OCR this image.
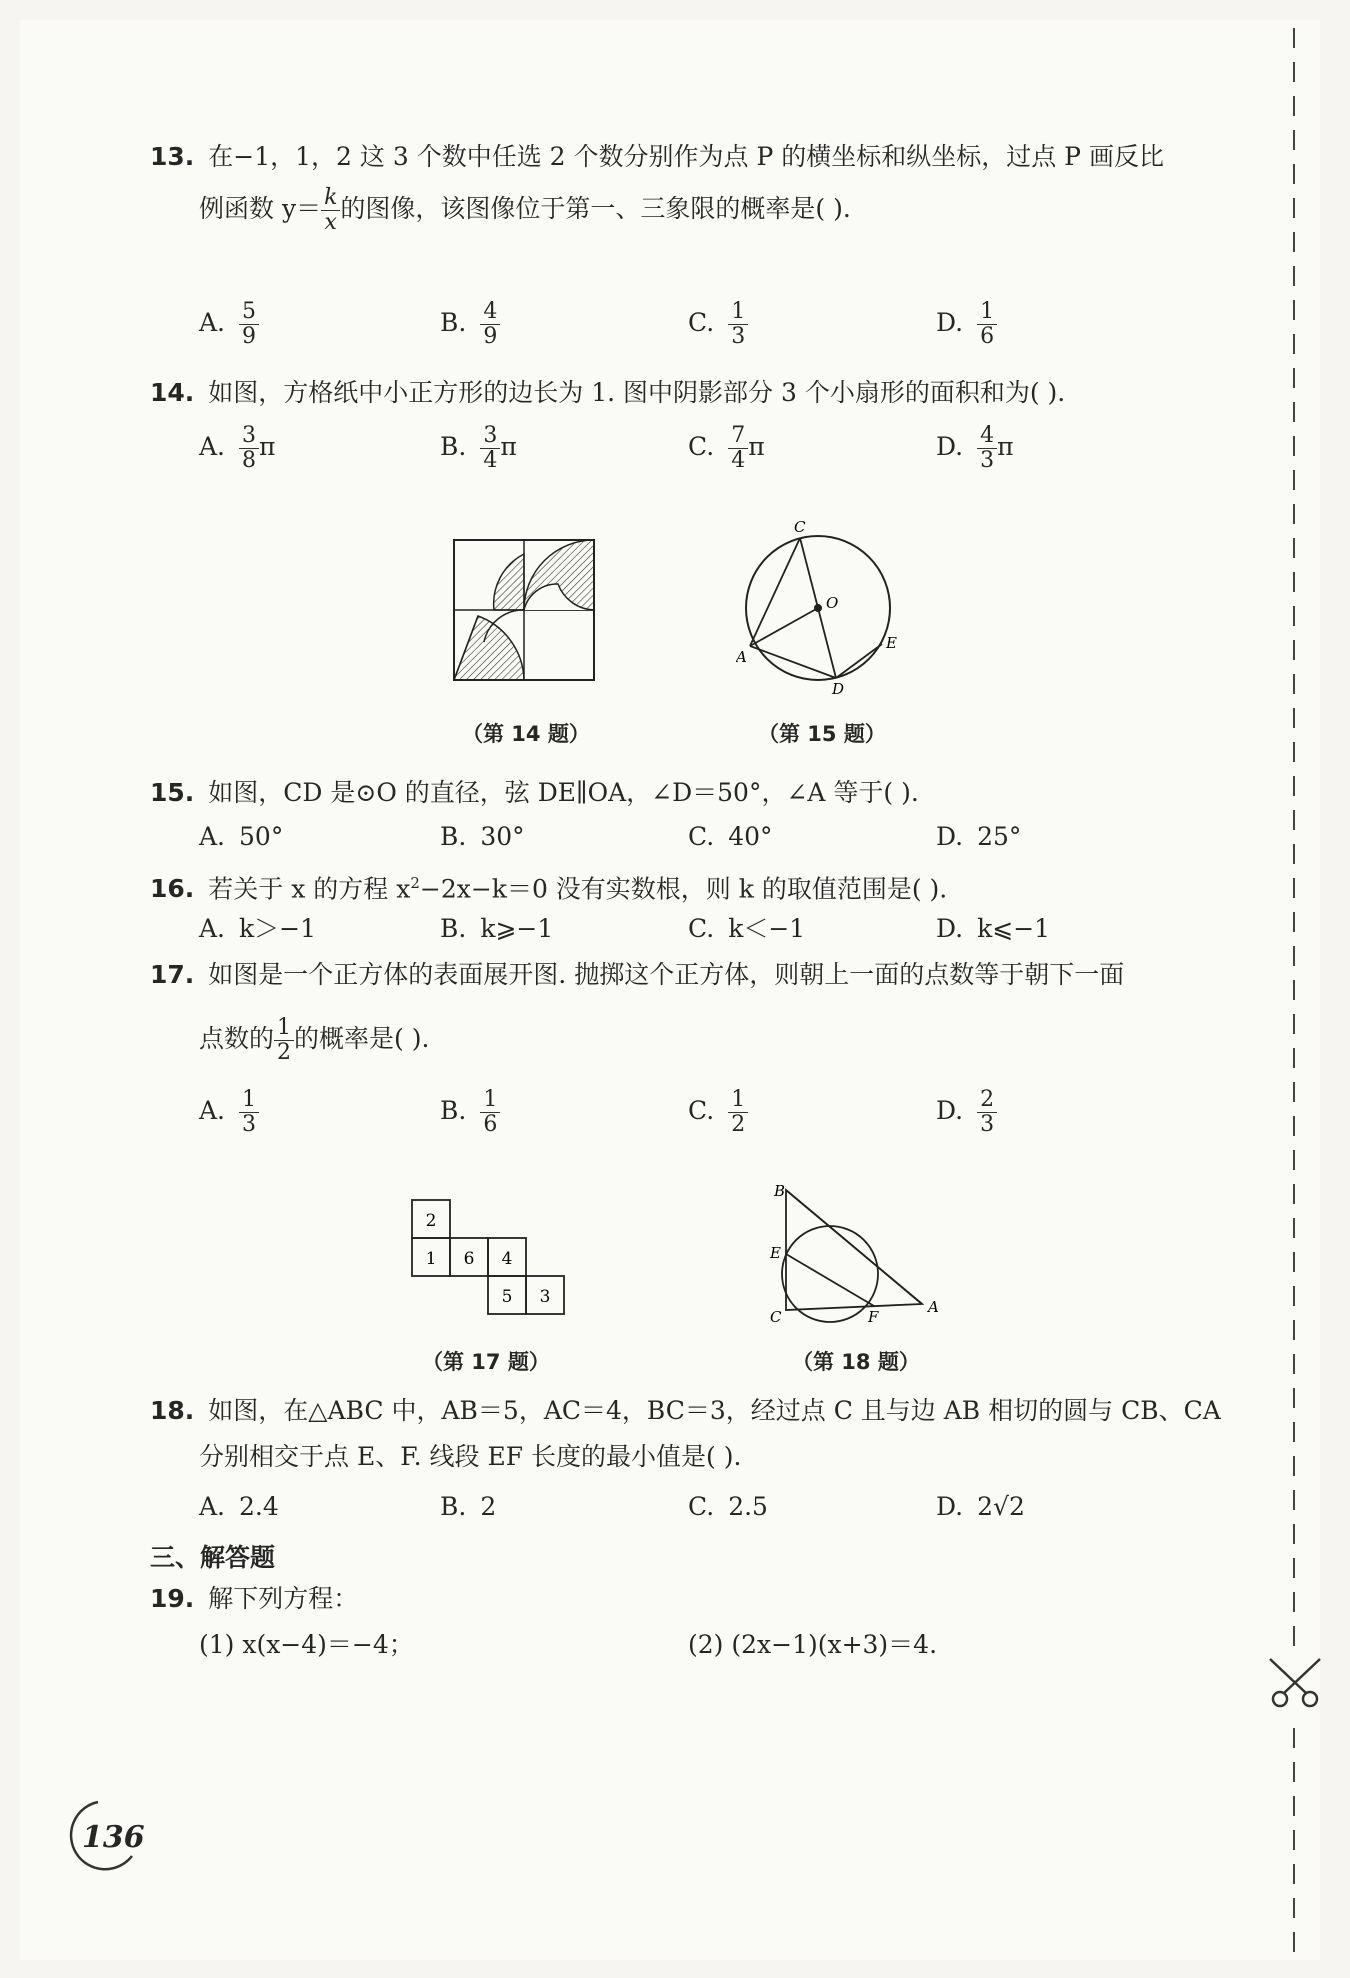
13. 在−1，1，2 这 3 个数中任选 2 个数分别作为点 P 的横坐标和纵坐标，过点 P 画反比
例函数 $y= \frac{k}{x}$ 的图像，该图像位于第一、三象限的概率是( ).
A. $\frac{5}{9}$	B. $\frac{4}{9}$	C. $\frac{1}{3}$	D. $\frac{1}{6}$
14. 如图，方格纸中小正方形的边长为 1. 图中阴影部分 3 个小扇形的面积和为( ).
A. $\frac{3}{8}$ π	B. $\frac{3}{4}$ π	C. $\frac{7}{4}$ π	D. $\frac{4}{3}$ π
（第 14 题）
C
O
A
D
E
（第 15 题）
15. 如图，CD 是⊙O 的直径，弦 DE∥OA，∠D＝50°，∠A 等于( ).
A. 50°	B. 30°	C. 40°	D. 25°
16. 若关于 x 的方程 $x^2-2x-k=0$ 没有实数根，则 k 的取值范围是( ).
A. k＞−1	B. k⩾−1	C. k＜−1	D. k⩽−1
17. 如图是一个正方体的表面展开图. 抛掷这个正方体，则朝上一面的点数等于朝下一面
点数的 $\frac{1}{2}$ 的概率是( ).
A. $\frac{1}{3}$	B. $\frac{1}{6}$	C. $\frac{1}{2}$	D. $\frac{2}{3}$
2
1 6 4
5 3
（第 17 题）
B
E
C	F
A
（第 18 题）
18. 如图，在△ABC 中，AB＝5，AC＝4，BC＝3，经过点 C 且与边 AB 相切的圆与 CB、CA
分别相交于点 E、F. 线段 EF 长度的最小值是( ).
A. 2.4	B. 2	C. 2.5	D. 2√2
三、解答题
19. 解下列方程：
(1) x(x−4)＝−4；	(2) (2x−1)(x+3)＝4.
136
